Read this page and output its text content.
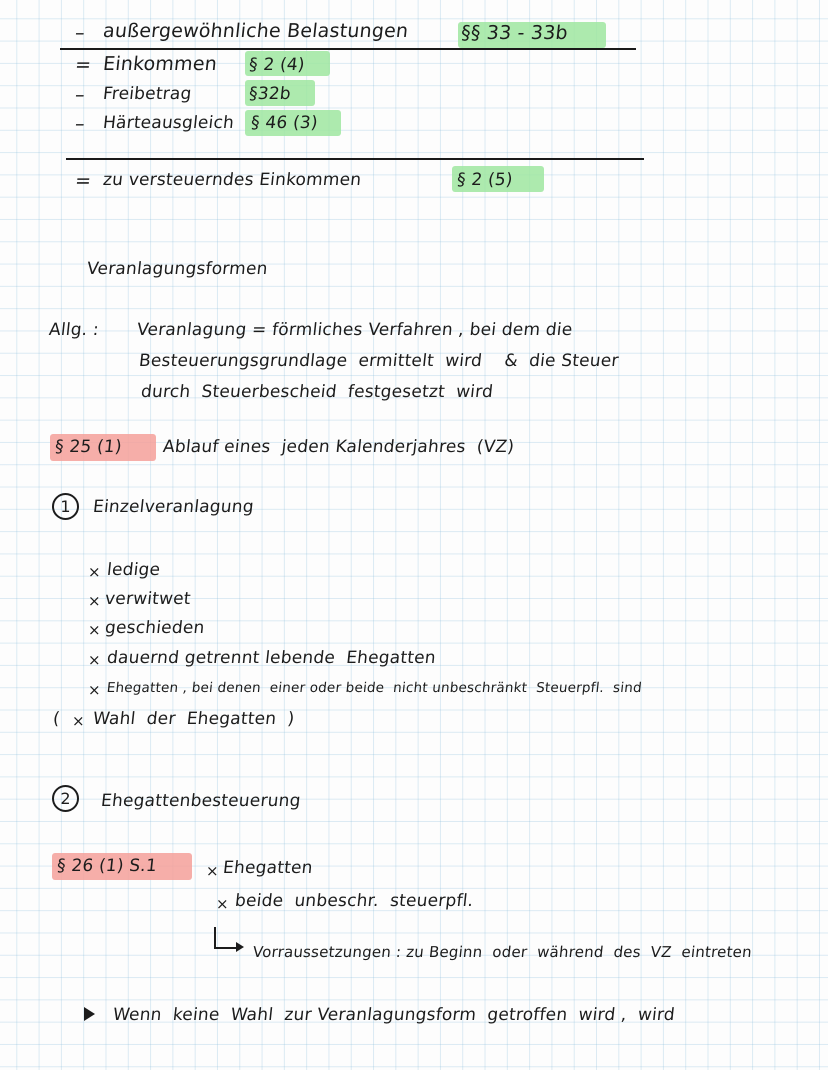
– außergewöhnliche Belastungen	§§ 33 - 33b
= Einkommen § 2 (4)
– Freibetrag	§32b
– Härteausgleich § 46 (3)
= zu versteuerndes Einkommen	§ 2 (5)
Veranlagungsformen
Allg. : Veranlagung = förmliches Verfahren , bei dem die
Besteuerungsgrundlage  ermittelt  wird    &  die Steuer
durch  Steuerbescheid  festgesetzt  wird
§ 25 (1) Ablauf eines  jeden Kalenderjahres  (VZ)
1	Einzelveranlagung
× ledige
× verwitwet
× geschieden
× dauernd getrennt lebende  Ehegatten
× Ehegatten , bei denen  einer oder beide  nicht unbeschränkt  Steuerpfl.  sind
( × Wahl  der  Ehegatten  )
2	Ehegattenbesteuerung
§ 26 (1) S.1	× Ehegatten
× beide  unbeschr.  steuerpfl.
Vorraussetzungen : zu Beginn  oder  während  des  VZ  eintreten
Wenn  keine  Wahl  zur Veranlagungsform  getroffen  wird ,  wird
